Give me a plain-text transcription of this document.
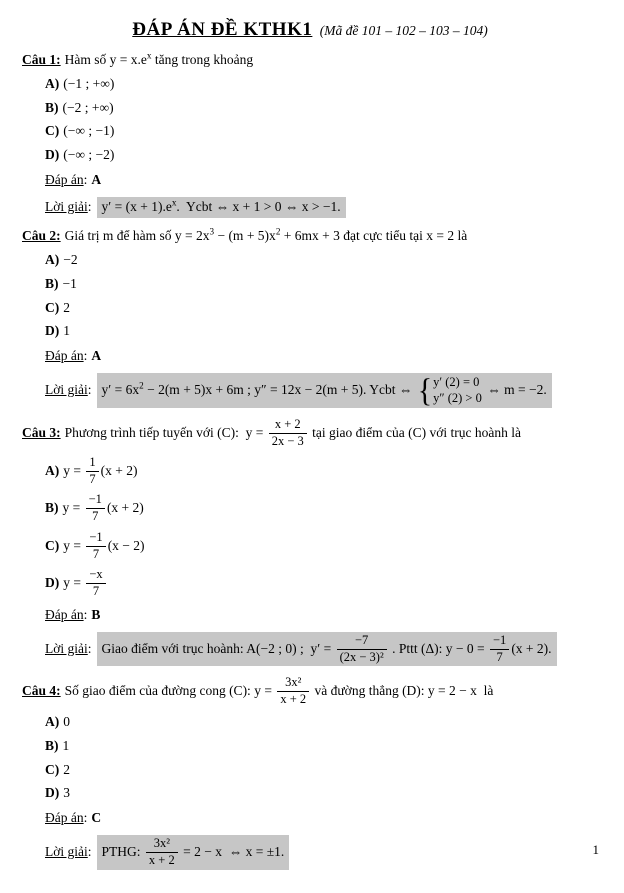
ĐÁP ÁN ĐỀ KTHK1 (Mã đề 101 – 102 – 103 – 104)
Câu 1: Hàm số $y = x.e^x$ tăng trong khoảng
A) (−1 ; +∞)
B) (−2 ; +∞)
C) (−∞ ; −1)
D) (−∞ ; −2)
Đáp án: A
Lời giải: $y' = (x + 1).e^x$.  Ycbt ⇔ x + 1 > 0 ⇔ x > −1.
Câu 2: Giá trị m để hàm số $y = 2x^3 - (m + 5)x^2 + 6mx + 3$ đạt cực tiểu tại x = 2 là
A) −2
B) −1
C) 2
D) 1
Đáp án: A
Lời giải: $y' = 6x^2 - 2(m + 5)x + 6m$ ; y″ = 12x − 2(m + 5). Ycbt ⇔ { y′ (2) = 0
y″ (2) > 0
⇔ m = −2.
Câu 3: Phương trình tiếp tuyến với (C):  $y = \frac{x + 2}{2x - 3}$ tại giao điểm của (C) với trục hoành là
A) $y = \frac{1}{7} (x + 2)$
B) $y = \frac{-1}{7} (x + 2)$
C) $y = \frac{-1}{7} (x - 2)$
D) $y = \frac{-x}{7}$
Đáp án: B
Lời giải: Giao điểm với trục hoành: A(−2 ; 0) ;  $y' = \frac{-7}{\text{(2x − 3)²}}$ . Pttt (Δ): $y - 0 = \frac{-1}{7} (x + 2)$.
Câu 4: Số giao điểm của đường cong (C): $y = \frac{\text{3x²}}{x + 2}$ và đường thẳng (D): y = 2 − x  là
A) 0
B) 1
C) 2
D) 3
Đáp án: C
Lời giải: PTHG: $\frac{\text{3x²}}{x + 2} = 2 - x$  ⇔ x = ±1.	1
